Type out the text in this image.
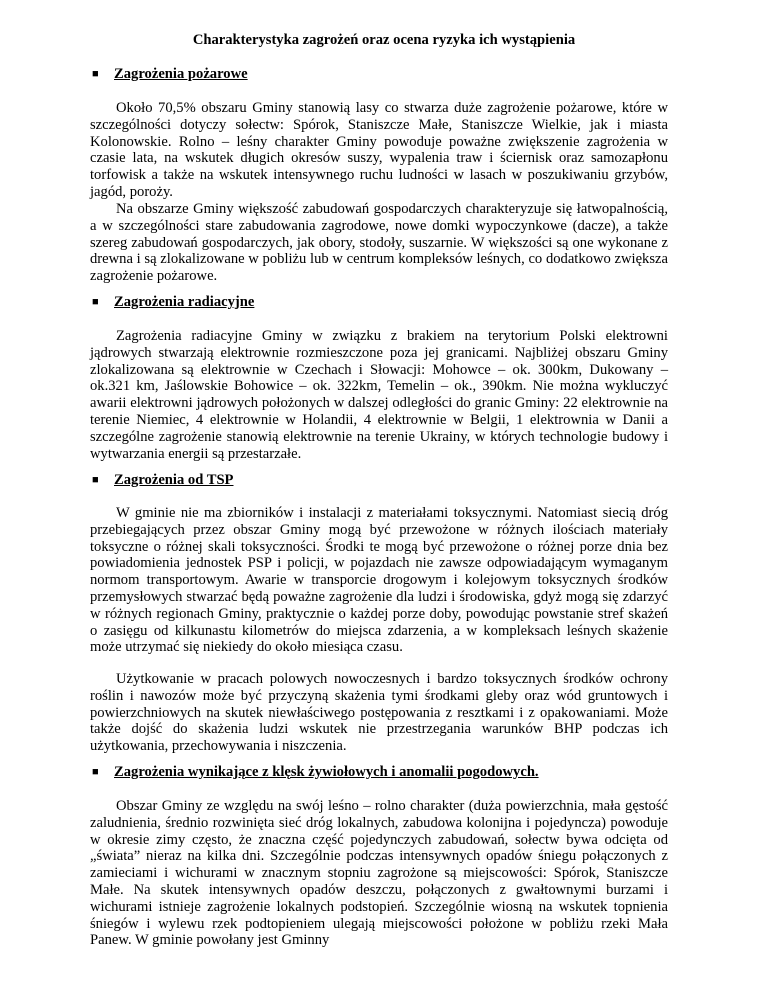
Charakterystyka zagrożeń oraz ocena ryzyka ich wystąpienia
■ Zagrożenia pożarowe
Około 70,5% obszaru Gminy stanowią lasy co stwarza duże zagrożenie pożarowe, które w szczególności dotyczy sołectw: Spórok, Staniszcze Małe, Staniszcze Wielkie, jak i miasta Kolonowskie. Rolno – leśny charakter Gminy powoduje poważne zwiększenie zagrożenia w czasie lata, na wskutek długich okresów suszy, wypalenia traw i ściernisk oraz samozapłonu torfowisk a także na wskutek intensywnego ruchu ludności w lasach w poszukiwaniu grzybów, jagód, poroży.
Na obszarze Gminy większość zabudowań gospodarczych charakteryzuje się łatwopalnością, a w szczególności stare zabudowania zagrodowe, nowe domki wypoczynkowe (dacze), a także szereg zabudowań gospodarczych, jak obory, stodoły, suszarnie. W większości są one wykonane z drewna i są zlokalizowane w pobliżu lub w centrum kompleksów leśnych, co dodatkowo zwiększa zagrożenie pożarowe.
■ Zagrożenia radiacyjne
Zagrożenia radiacyjne Gminy w związku z brakiem na terytorium Polski elektrowni jądrowych stwarzają elektrownie rozmieszczone poza jej granicami. Najbliżej obszaru Gminy zlokalizowana są elektrownie w Czechach i Słowacji: Mohowce – ok. 300km, Dukowany – ok.321 km, Jaślowskie Bohowice – ok. 322km, Temelin – ok., 390km. Nie można wykluczyć awarii elektrowni jądrowych położonych w dalszej odległości do granic Gminy: 22 elektrownie na terenie Niemiec, 4 elektrownie w Holandii, 4 elektrownie w Belgii, 1 elektrownia w Danii a szczególne zagrożenie stanowią elektrownie na terenie Ukrainy, w których technologie budowy i wytwarzania energii są przestarzałe.
■ Zagrożenia od TSP
W gminie nie ma zbiorników i instalacji z materiałami toksycznymi. Natomiast siecią dróg przebiegających przez obszar Gminy mogą być przewożone w różnych ilościach materiały toksyczne o różnej skali toksyczności. Środki te mogą być przewożone o różnej porze dnia bez powiadomienia jednostek PSP i policji, w pojazdach nie zawsze odpowiadającym wymaganym normom transportowym. Awarie w transporcie drogowym i kolejowym toksycznych środków przemysłowych stwarzać będą poważne zagrożenie dla ludzi i środowiska, gdyż mogą się zdarzyć w różnych regionach Gminy, praktycznie o każdej porze doby, powodując powstanie stref skażeń o zasięgu od kilkunastu kilometrów do miejsca zdarzenia, a w kompleksach leśnych skażenie może utrzymać się niekiedy do około miesiąca czasu.
Użytkowanie w pracach polowych nowoczesnych i bardzo toksycznych środków ochrony roślin i nawozów może być przyczyną skażenia tymi środkami gleby oraz wód gruntowych i powierzchniowych na skutek niewłaściwego postępowania z resztkami i z opakowaniami. Może także dojść do skażenia ludzi wskutek nie przestrzegania warunków BHP podczas ich użytkowania, przechowywania i niszczenia.
■ Zagrożenia wynikające z klęsk żywiołowych i anomalii pogodowych.
Obszar Gminy ze względu na swój leśno – rolno charakter (duża powierzchnia, mała gęstość zaludnienia, średnio rozwinięta sieć dróg lokalnych, zabudowa kolonijna i pojedyncza) powoduje w okresie zimy często, że znaczna część pojedynczych zabudowań, sołectw bywa odcięta od „świata” nieraz na kilka dni. Szczególnie podczas intensywnych opadów śniegu połączonych z zamieciami i wichurami w znacznym stopniu zagrożone są miejscowości: Spórok, Staniszcze Małe. Na skutek intensywnych opadów deszczu, połączonych z gwałtownymi burzami i wichurami istnieje zagrożenie lokalnych podstopień. Szczególnie wiosną na wskutek topnienia śniegów i wylewu rzek podtopieniem ulegają miejscowości położone w pobliżu rzeki Mała Panew. W gminie powołany jest Gminny
